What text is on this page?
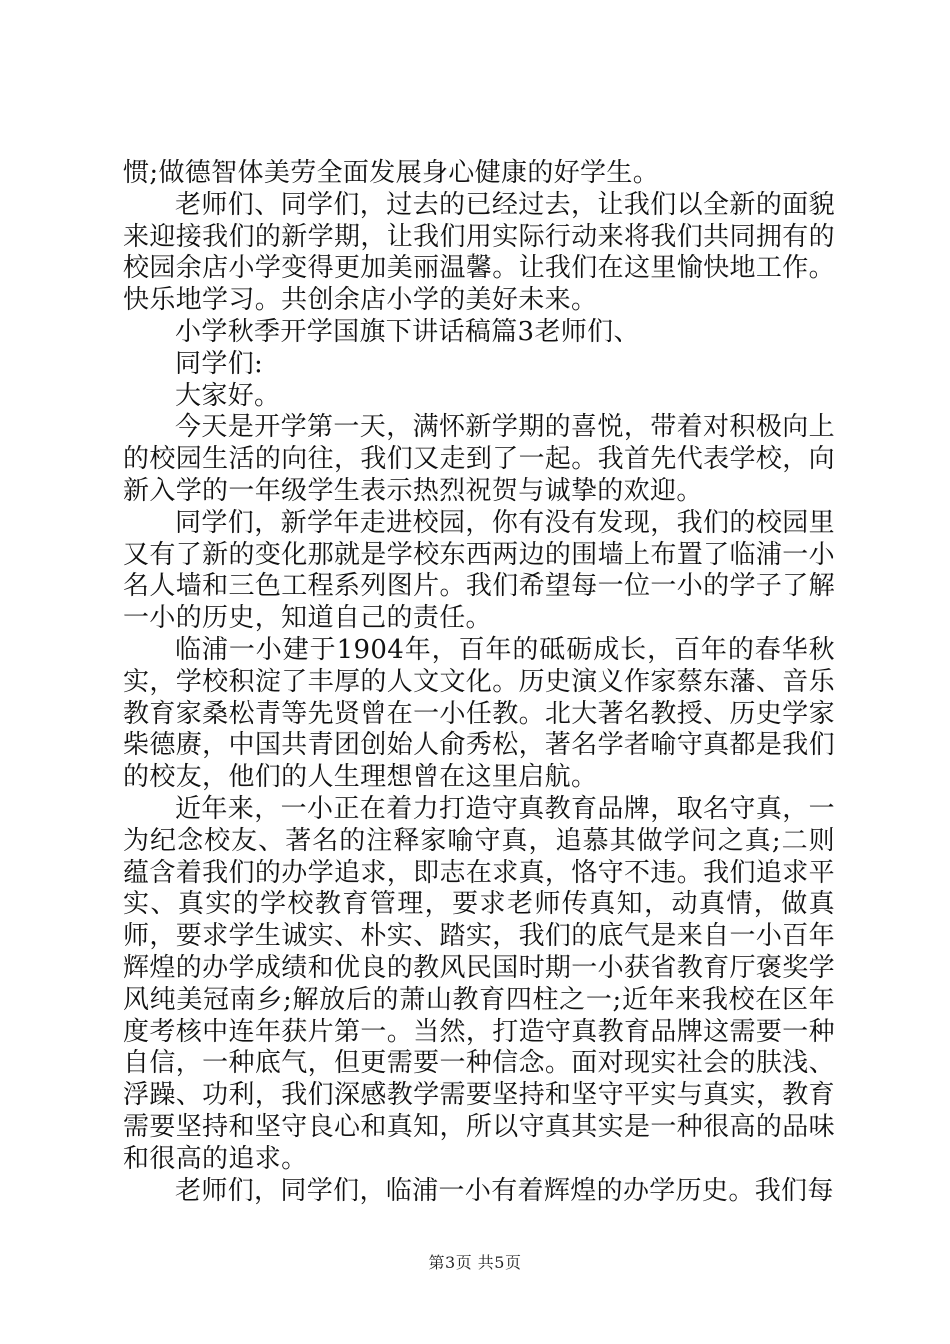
惯;做德智体美劳全面发展身心健康的好学生。

老师们、同学们，过去的已经过去，让我们以全新的面貌来迎接我们的新学期，让我们用实际行动来将我们共同拥有的校园余店小学变得更加美丽温馨。让我们在这里愉快地工作。快乐地学习。共创余店小学的美好未来。

小学秋季开学国旗下讲话稿篇3老师们、

同学们:

大家好。

今天是开学第一天，满怀新学期的喜悦，带着对积极向上的校园生活的向往，我们又走到了一起。我首先代表学校，向新入学的一年级学生表示热烈祝贺与诚挚的欢迎。

同学们，新学年走进校园，你有没有发现，我们的校园里又有了新的变化那就是学校东西两边的围墙上布置了临浦一小名人墙和三色工程系列图片。我们希望每一位一小的学子了解一小的历史，知道自己的责任。

临浦一小建于1904年，百年的砥砺成长，百年的春华秋实，学校积淀了丰厚的人文文化。历史演义作家蔡东藩、音乐教育家桑松青等先贤曾在一小任教。北大著名教授、历史学家柴德赓，中国共青团创始人俞秀松，著名学者喻守真都是我们的校友，他们的人生理想曾在这里启航。

近年来，一小正在着力打造守真教育品牌，取名守真，一为纪念校友、著名的注释家喻守真，追慕其做学问之真;二则蕴含着我们的办学追求，即志在求真，恪守不违。我们追求平实、真实的学校教育管理，要求老师传真知，动真情，做真师，要求学生诚实、朴实、踏实，我们的底气是来自一小百年辉煌的办学成绩和优良的教风民国时期一小获省教育厅褒奖学风纯美冠南乡;解放后的萧山教育四柱之一;近年来我校在区年度考核中连年获片第一。当然，打造守真教育品牌这需要一种自信，一种底气，但更需要一种信念。面对现实社会的肤浅、浮躁、功利，我们深感教学需要坚持和坚守平实与真实，教育需要坚持和坚守良心和真知，所以守真其实是一种很高的品味和很高的追求。

老师们，同学们，临浦一小有着辉煌的办学历史。我们每

第3页 共5页
